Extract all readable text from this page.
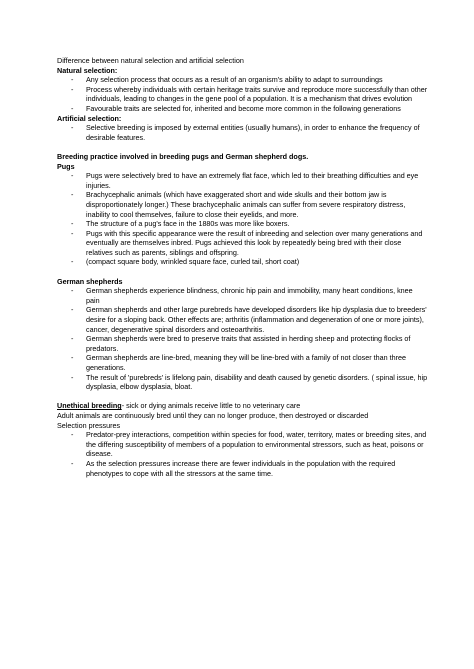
Difference between natural selection and artificial selection

Natural selection:

- Any selection process that occurs as a result of an organism's ability to adapt to surroundings
- Process whereby individuals with certain heritage traits survive and reproduce more successfully than other individuals, leading to changes in the gene pool of a population. It is a mechanism that drives evolution
- Favourable traits are selected for, inherited and become more common in the following generations

Artificial selection:

- Selective breeding is imposed by external entities (usually humans), in order to enhance the frequency of desirable features.

Breeding practice involved in breeding pugs and German shepherd dogs.

Pugs

- Pugs were selectively bred to have an extremely flat face, which led to their breathing difficulties and eye injuries.
- Brachycephalic animals (which have exaggerated short and wide skulls and their bottom jaw is disproportionately longer.) These brachycephalic animals can suffer from severe respiratory distress, inability to cool themselves, failure to close their eyelids, and more.
- The structure of a pug's face in the 1880s was more like boxers.
- Pugs with this specific appearance were the result of inbreeding and selection over many generations and eventually are themselves inbred. Pugs achieved this look by repeatedly being bred with their close relatives such as parents, siblings and offspring.
- (compact square body, wrinkled square face, curled tail, short coat)

German shepherds

- German shepherds experience blindness, chronic hip pain and immobility, many heart conditions, knee pain
- German shepherds and other large purebreds have developed disorders like hip dysplasia due to breeders' desire for a sloping back. Other effects are; arthritis (inflammation and degeneration of one or more joints), cancer, degenerative spinal disorders and osteoarthritis.
- German shepherds were bred to preserve traits that assisted in herding sheep and protecting flocks of predators.
- German shepherds are line-bred, meaning they will be line-bred with a family of not closer than three generations.
- The result of 'purebreds' is lifelong pain, disability and death caused by genetic disorders. ( spinal issue, hip dysplasia, elbow dysplasia, bloat.

Unethical breeding- sick or dying animals receive little to no veterinary care

Adult animals are continuously bred until they can no longer produce, then destroyed or discarded

Selection pressures

- Predator-prey interactions, competition within species for food, water, territory, mates or breeding sites, and the differing susceptibility of members of a population to environmental stressors, such as heat, poisons or disease.
- As the selection pressures increase there are fewer individuals in the population with the required phenotypes to cope with all the stressors at the same time.
